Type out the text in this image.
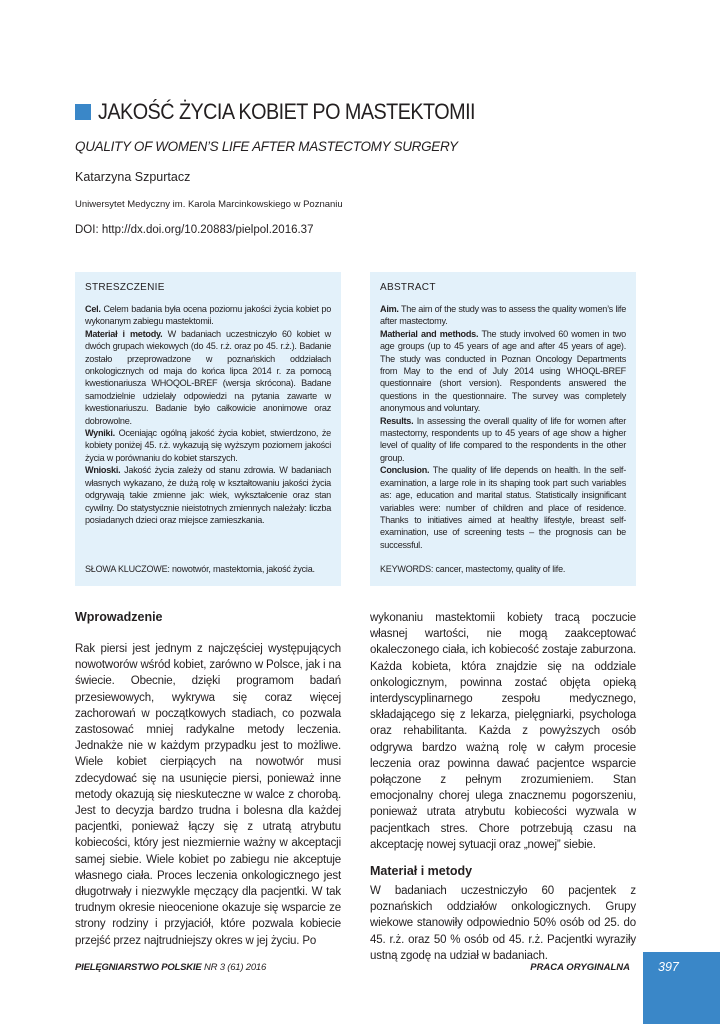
JAKOŚĆ ŻYCIA KOBIET PO MASTEKTOMII
QUALITY OF WOMEN’S LIFE AFTER MASTECTOMY SURGERY
Katarzyna Szpurtacz
Uniwersytet Medyczny im. Karola Marcinkowskiego w Poznaniu
DOI: http://dx.doi.org/10.20883/pielpol.2016.37
STRESZCZENIE

Cel. Celem badania była ocena poziomu jakości życia kobiet po wykonanym zabiegu mastektomii.
Materiał i metody. W badaniach uczestniczyło 60 kobiet w dwóch grupach wiekowych (do 45. r.ż. oraz po 45. r.ż.). Badanie zostało przeprowadzone w poznańskich oddziałach onkologicznych od maja do końca lipca 2014 r. za pomocą kwestionariusza WHOQOL-BREF (wersja skrócona). Badane samodzielnie udzielały odpowiedzi na pytania zawarte w kwestionariuszu. Badanie było całkowicie anonimowe oraz dobrowolne.
Wyniki. Oceniając ogólną jakość życia kobiet, stwierdzono, że kobiety poniżej 45. r.ż. wykazują się wyższym poziomem jakości życia w porównaniu do kobiet starszych.
Wnioski. Jakość życia zależy od stanu zdrowia. W badaniach własnych wykazano, że dużą rolę w kształtowaniu jakości życia odgrywają takie zmienne jak: wiek, wykształcenie oraz stan cywilny. Do statystycznie nieistotnych zmiennych należały: liczba posiadanych dzieci oraz miejsce zamieszkania.

SŁOWA KLUCZOWE: nowotwór, mastektomia, jakość życia.
ABSTRACT

Aim. The aim of the study was to assess the quality women’s life after mastectomy.
Matherial and methods. The study involved 60 women in two age groups (up to 45 years of age and after 45 years of age). The study was conducted in Poznan Oncology Departments from May to the end of July 2014 using WHOQL-BREF questionnaire (short version). Respondents answered the questions in the questionnaire. The survey was completely anonymous and voluntary.
Results. In assessing the overall quality of life for women after mastectomy, respondents up to 45 years of age show a higher level of quality of life compared to the respondents in the other group.
Conclusion. The quality of life depends on health. In the self-examination, a large role in its shaping took part such variables as: age, education and marital status. Statistically insignificant variables were: number of children and place of residence. Thanks to initiatives aimed at healthy lifestyle, breast self-examination, use of screening tests – the prognosis can be successful.

KEYWORDS: cancer, mastectomy, quality of life.
Wprowadzenie

Rak piersi jest jednym z najczęściej występujących nowotworów wśród kobiet, zarówno w Polsce, jak i na świecie. Obecnie, dzięki programom badań przesiewowych, wykrywa się coraz więcej zachorowań w początkowych stadiach, co pozwala zastosować mniej radykalne metody leczenia. Jednakże nie w każdym przypadku jest to możliwe. Wiele kobiet cierpiących na nowotwór musi zdecydować się na usunięcie piersi, ponieważ inne metody okazują się nieskuteczne w walce z chorobą. Jest to decyzja bardzo trudna i bolesna dla każdej pacjentki, ponieważ łączy się z utratą atrybutu kobiecości, który jest niezmiernie ważny w akceptacji samej siebie. Wiele kobiet po zabiegu nie akceptuje własnego ciała. Proces leczenia onkologicznego jest długotrwały i niezwykle męczący dla pacjentki. W tak trudnym okresie nieocenione okazuje się wsparcie ze strony rodziny i przyjaciół, które pozwala kobiecie przejść przez najtrudniejszy okres w jej życiu. Po

wykonaniu mastektomii kobiety tracą poczucie własnej wartości, nie mogą zaakceptować okaleczonego ciała, ich kobiecość zostaje zaburzona. Każda kobieta, która znajdzie się na oddziale onkologicznym, powinna zostać objęta opieką interdyscyplinarnego zespołu medycznego, składającego się z lekarza, pielęgniarki, psychologa oraz rehabilitanta. Każda z powyższych osób odgrywa bardzo ważną rolę w całym procesie leczenia oraz powinna dawać pacjentce wsparcie połączone z pełnym zrozumieniem. Stan emocjonalny chorej ulega znacznemu pogorszeniu, ponieważ utrata atrybutu kobiecości wyzwala w pacjentkach stres. Chore potrzebują czasu na akceptację nowej sytuacji oraz „nowej” siebie.

Materiał i metody

W badaniach uczestniczyło 60 pacjentek z poznańskich oddziałów onkologicznych. Grupy wiekowe stanowiły odpowiednio 50% osób od 25. do 45. r.ż. oraz 50 % osób od 45. r.ż. Pacjentki wyraziły ustną zgodę na udział w badaniach.

PIELĘGNIARSTWO POLSKIE NR 3 (61) 2016	PRACA ORYGINALNA 397
